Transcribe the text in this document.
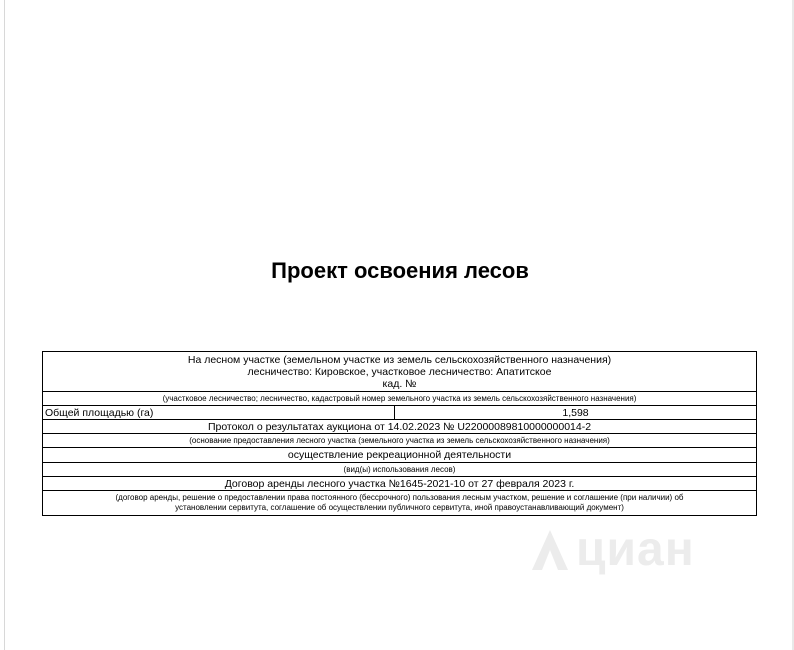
Проект освоения лесов
На лесном участке (земельном участке из земель сельскохозяйственного назначения)
лесничество: Кировское, участковое лесничество: Апатитское
кад. №

(участковое лесничество; лесничество, кадастровый номер земельного участка из земель сельскохозяйственного назначения)
Общей площадью (га)	1,598
Протокол о результатах аукциона от 14.02.2023 № U22000089810000000014-2
(основание предоставления лесного участка (земельного участка из земель сельскохозяйственного назначения)
осуществление рекреационной деятельности
(вид(ы) использования лесов)
Договор аренды лесного участка №1645-2021-10 от 27 февраля 2023 г.

(договор аренды, решение о предоставлении права постоянного (бессрочного) пользования лесным участком, решение и соглашение (при наличии) об
установлении сервитута, соглашение об осуществлении публичного сервитута, иной правоустанавливающий документ)
циан
